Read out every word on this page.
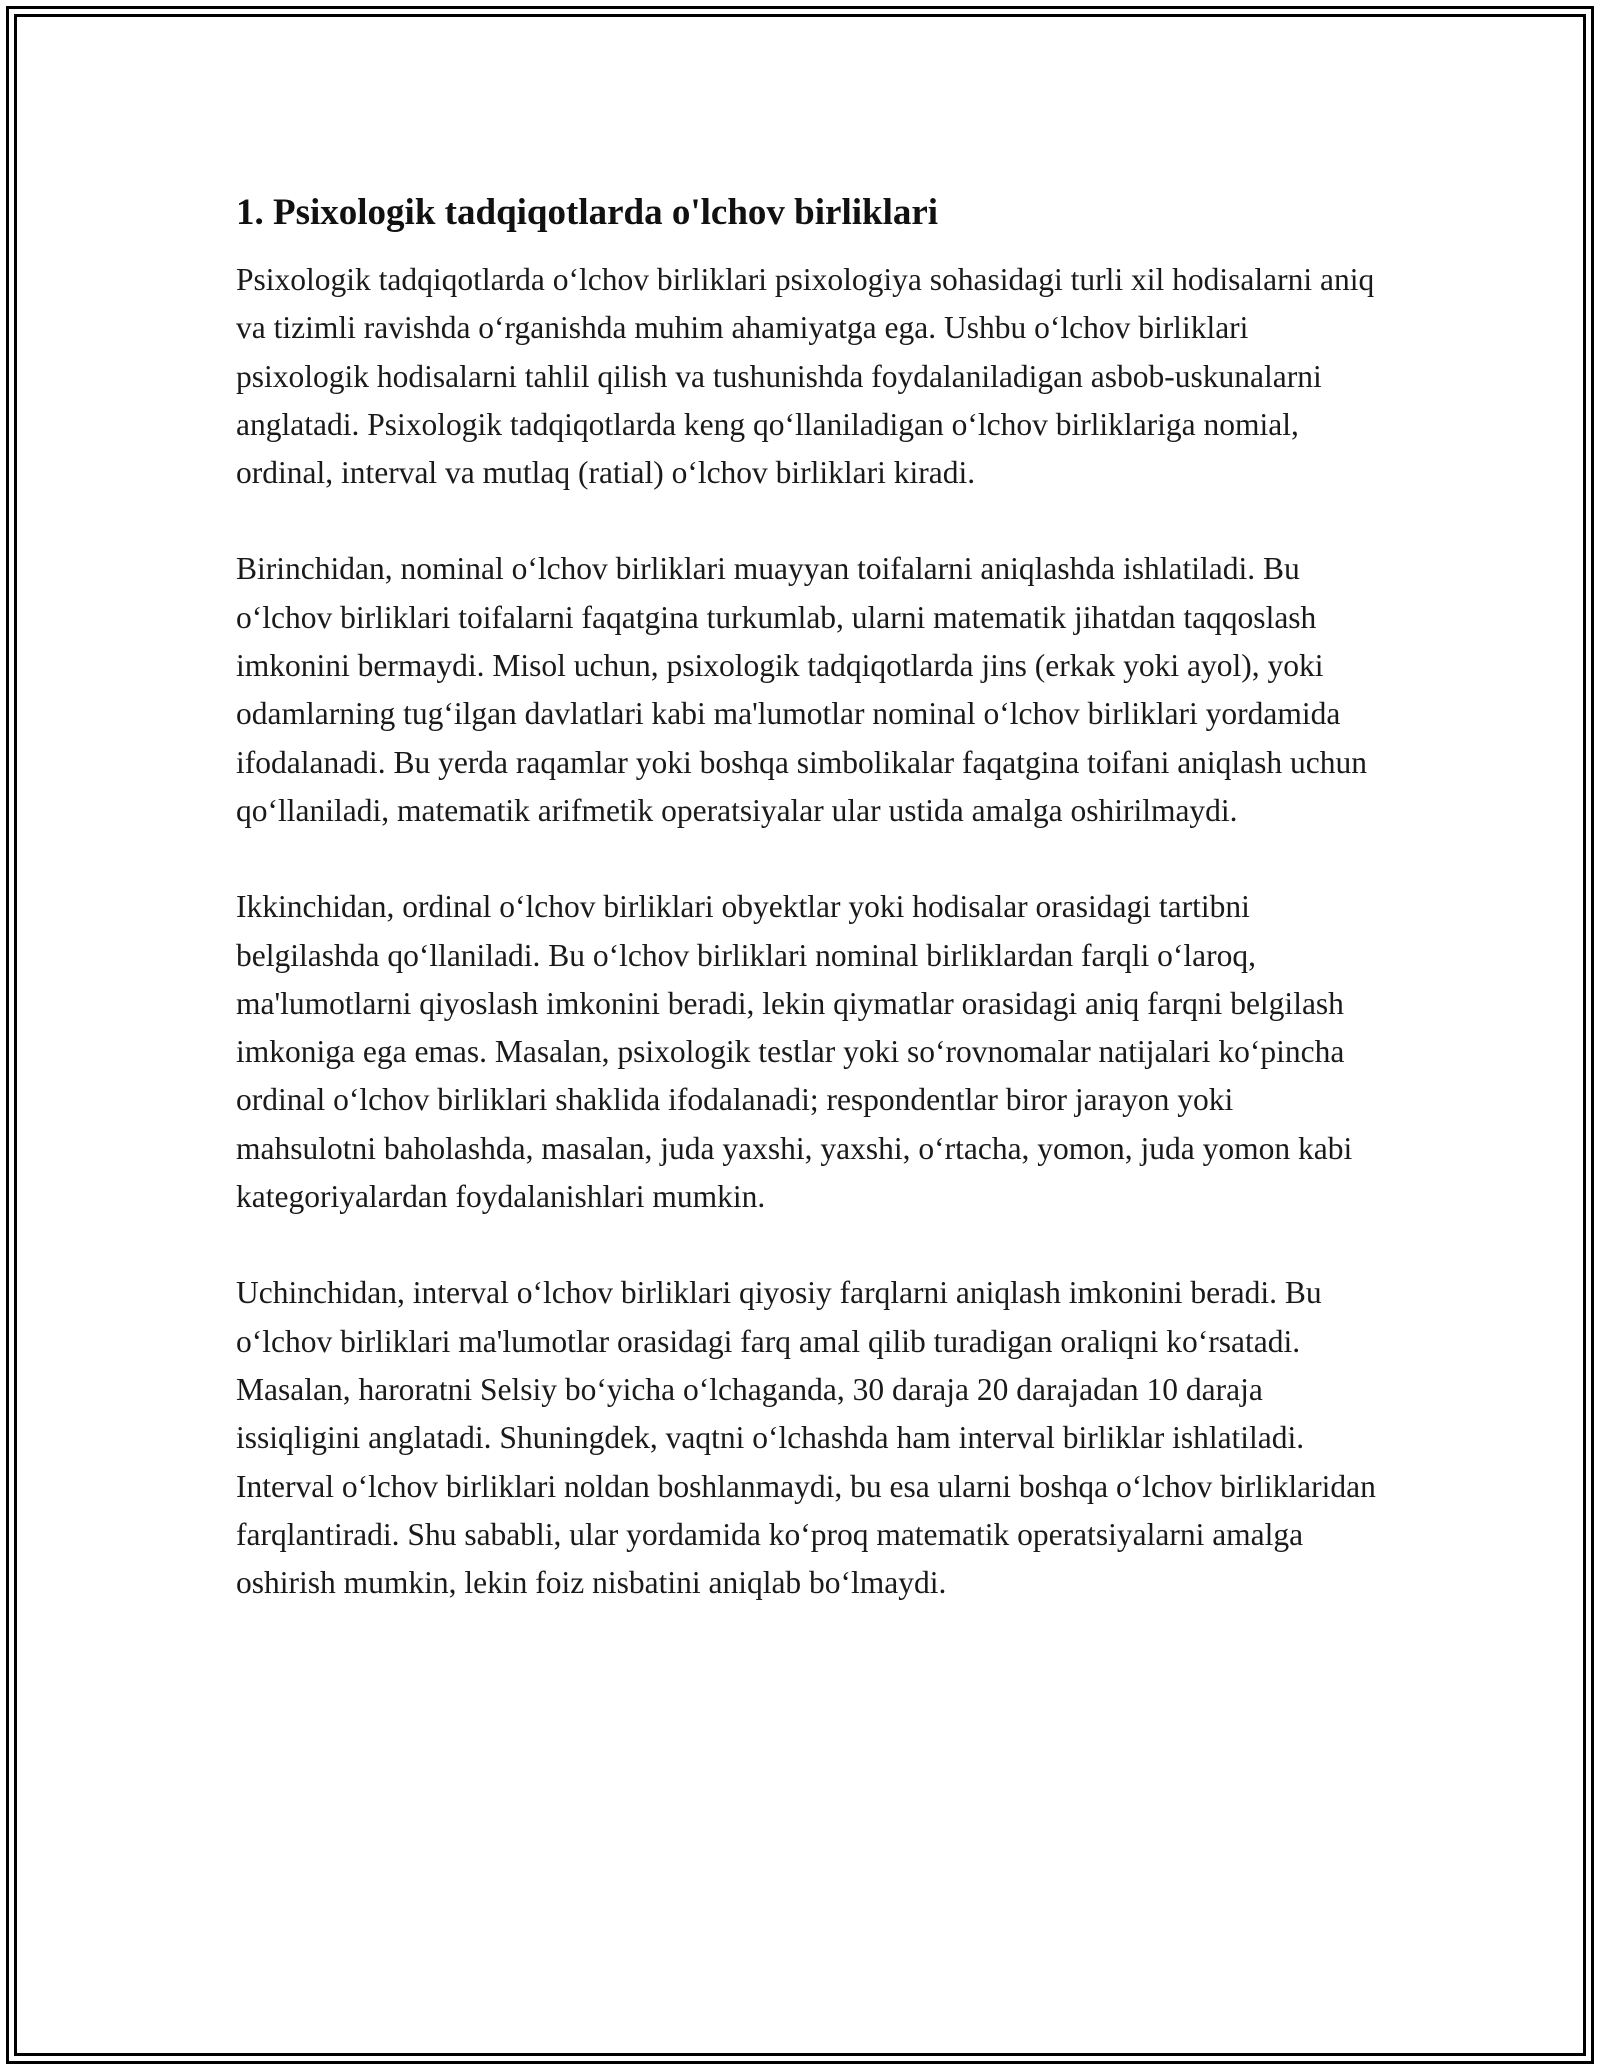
1. Psixologik tadqiqotlarda o'lchov birliklari

Psixologik tadqiqotlarda o‘lchov birliklari psixologiya sohasidagi turli xil hodisalarni aniq va tizimli ravishda o‘rganishda muhim ahamiyatga ega. Ushbu o‘lchov birliklari psixologik hodisalarni tahlil qilish va tushunishda foydalaniladigan asbob-uskunalarni anglatadi. Psixologik tadqiqotlarda keng qo‘llaniladigan o‘lchov birliklariga nomial, ordinal, interval va mutlaq (ratial) o‘lchov birliklari kiradi.

Birinchidan, nominal o‘lchov birliklari muayyan toifalarni aniqlashda ishlatiladi. Bu o‘lchov birliklari toifalarni faqatgina turkumlab, ularni matematik jihatdan taqqoslash imkonini bermaydi. Misol uchun, psixologik tadqiqotlarda jins (erkak yoki ayol), yoki odamlarning tug‘ilgan davlatlari kabi ma'lumotlar nominal o‘lchov birliklari yordamida ifodalanadi. Bu yerda raqamlar yoki boshqa simbolikalar faqatgina toifani aniqlash uchun qo‘llaniladi, matematik arifmetik operatsiyalar ular ustida amalga oshirilmaydi.

Ikkinchidan, ordinal o‘lchov birliklari obyektlar yoki hodisalar orasidagi tartibni belgilashda qo‘llaniladi. Bu o‘lchov birliklari nominal birliklardan farqli o‘laroq, ma'lumotlarni qiyoslash imkonini beradi, lekin qiymatlar orasidagi aniq farqni belgilash imkoniga ega emas. Masalan, psixologik testlar yoki so‘rovnomalar natijalari ko‘pincha ordinal o‘lchov birliklari shaklida ifodalanadi; respondentlar biror jarayon yoki mahsulotni baholashda, masalan, juda yaxshi, yaxshi, o‘rtacha, yomon, juda yomon kabi kategoriyalardan foydalanishlari mumkin.

Uchinchidan, interval o‘lchov birliklari qiyosiy farqlarni aniqlash imkonini beradi. Bu o‘lchov birliklari ma'lumotlar orasidagi farq amal qilib turadigan oraliqni ko‘rsatadi. Masalan, haroratni Selsiy bo‘yicha o‘lchaganda, 30 daraja 20 darajadan 10 daraja issiqligini anglatadi. Shuningdek, vaqtni o‘lchashda ham interval birliklar ishlatiladi. Interval o‘lchov birliklari noldan boshlanmaydi, bu esa ularni boshqa o‘lchov birliklaridan farqlantiradi. Shu sababli, ular yordamida ko‘proq matematik operatsiyalarni amalga oshirish mumkin, lekin foiz nisbatini aniqlab bo‘lmaydi.
